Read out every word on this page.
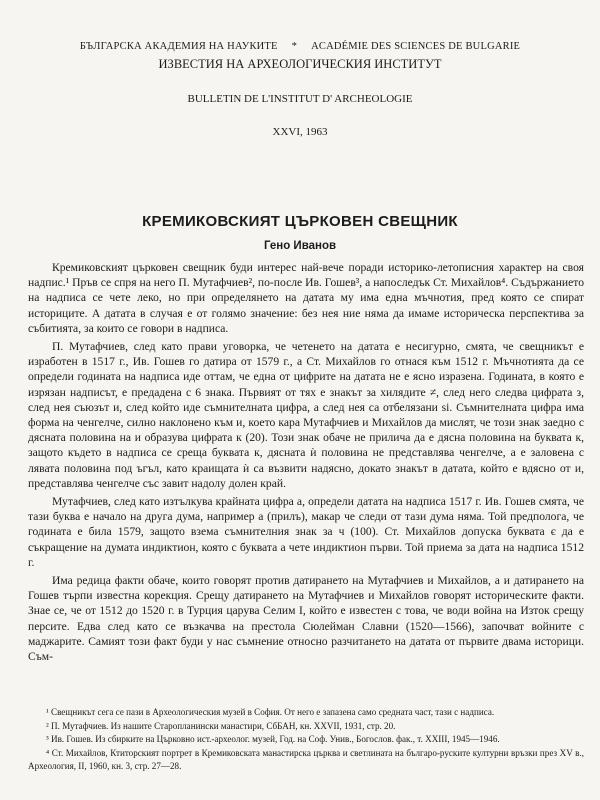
БЪЛГАРСКА АКАДЕМИЯ НА НАУКИТЕ * ACADÉMIE DES SCIENCES DE BULGARIE
ИЗВЕСТИЯ НА АРХЕОЛОГИЧЕСКИЯ ИНСТИТУТ
BULLETIN DE L'INSTITUT D' ARCHEOLOGIE
XXVI, 1963
КРЕМИКОВСКИЯТ ЦЪРКОВЕН СВЕЩНИК
Гено Иванов

Кремиковският църковен свещник буди интерес най-вече поради историко-летописния характер на своя надпис.¹ Пръв се спря на него П. Мутафчиев², по-после Ив. Гошев³, а напоследък Ст. Михайлов⁴. Съдържанието на надписа се чете леко, но при определянето на датата му има една мъчнотия, пред която се спират историците. А датата в случая е от голямо значение: без нея ние няма да имаме историческа перспектива за събитията, за които се говори в надписа.

П. Мутафчиев, след като прави уговорка, че четенето на датата е несигурно, смята, че свещникът е изработен в 1517 г., Ив. Гошев го датира от 1579 г., а Ст. Михайлов го отнася към 1512 г. Мъчнотията да се определи годината на надписа иде оттам, че една от цифрите на датата не е ясно изразена. Годината, в която е изрязан надписът, е предадена с 6 знака. Първият от тях е знакът за хилядите ≠, след него следва цифрата з, след нея съюзът и, след който иде съмнителната цифра, а след нея са отбелязани ѕі. Съмнителната цифра има форма на ченгелче, силно наклонено към и, което кара Мутафчиев и Михайлов да мислят, че този знак заедно с дясната половина на и образува цифрата к (20). Този знак обаче не прилича да е дясна половина на буквата к, защото където в надписа се среща буквата к, дясната ѝ половина не представлява ченгелче, а е заловена с лявата половина под ъгъл, като краищата ѝ са възвити надясно, докато знакът в датата, който е вдясно от и, представлява ченгелче със завит надолу долен край.

Мутафчиев, след като изтълкува крайната цифра а, определи датата на надписа 1517 г. Ив. Гошев смята, че тази буква е начало на друга дума, например а (прилъ), макар че следи от тази дума няма. Той предполога, че годината е била 1579, защото взема съмнителния знак за ч (100). Ст. Михайлов допуска буквата є да е съкращение на думата индиктион, която с буквата а чете индиктион първи. Той приема за дата на надписа 1512 г.

Има редица факти обаче, които говорят против датирането на Мутафчиев и Михайлов, а и датирането на Гошев търпи известна корекция. Срещу датирането на Мутафчиев и Михайлов говорят историческите факти. Знае се, че от 1512 до 1520 г. в Турция царува Селим I, който е известен с това, че води война на Изток срещу персите. Едва след като се възкачва на престола Сюлейман Славни (1520—1566), започват войните с маджарите. Самият този факт буди у нас съмнение относно разчитането на датата от първите двама историци. Съм-

¹ Свещникът сега се пази в Археологическия музей в София. От него е запазена само средната част, тази с надписа.
² П. Мутафчиев. Из нашите Старопланински манастири, СбБАН, кн. XXVII, 1931, стр. 20.
³ Ив. Гошев. Из сбирките на Църковно ист.-археолог. музей, Год. на Соф. Унив., Богослов. фак., т. XXIII, 1945—1946.
⁴ Ст. Михайлов, Ктиторският портрет в Кремиковската манастирска църква и светлината на българо-руските културни връзки през XV в., Археология, II, 1960, кн. 3, стр. 27—28.
